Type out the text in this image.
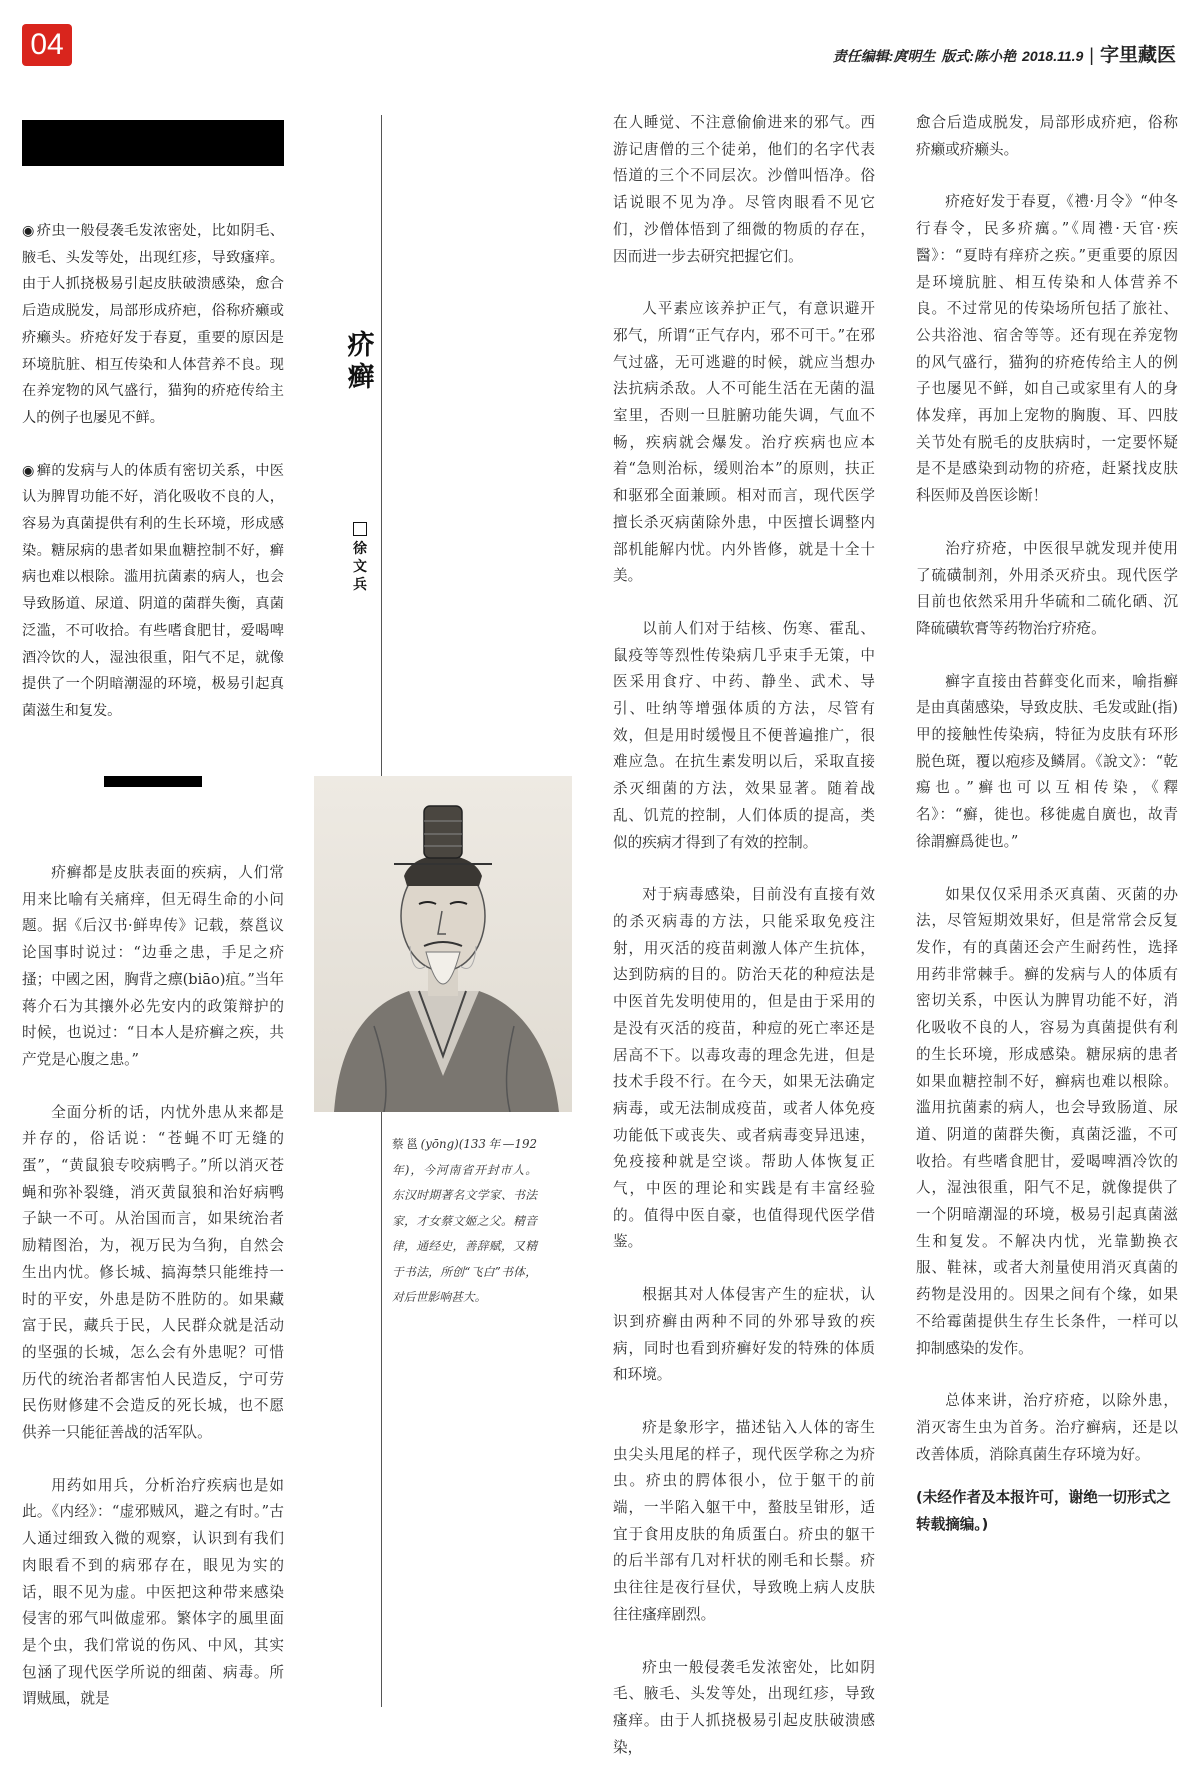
04	责任编辑:庹明生 版式:陈小艳 2018.11.9 | 字里藏医

◉ 疥虫一般侵袭毛发浓密处，比如阴毛、腋毛、头发等处，出现红疹，导致瘙痒。由于人抓挠极易引起皮肤破溃感染，愈合后造成脱发，局部形成疥疤，俗称疥癞或疥癞头。疥疮好发于春夏，重要的原因是环境肮脏、相互传染和人体营养不良。现在养宠物的风气盛行，猫狗的疥疮传给主人的例子也屡见不鲜。

◉ 癣的发病与人的体质有密切关系，中医认为脾胃功能不好，消化吸收不良的人，容易为真菌提供有利的生长环境，形成感染。糖尿病的患者如果血糖控制不好，癣病也难以根除。滥用抗菌素的病人，也会导致肠道、尿道、阴道的菌群失衡，真菌泛滥，不可收拾。有些嗜食肥甘，爱喝啤酒冷饮的人，湿浊很重，阳气不足，就像提供了一个阴暗潮湿的环境，极易引起真菌滋生和复发。

疥癣都是皮肤表面的疾病，人们常用来比喻有关痛痒，但无碍生命的小问题。据《后汉书·鲜卑传》记载，蔡邕议论国事时说过：“边垂之患，手足之疥搔；中國之困，胸背之瘭(biāo)疽。”当年蒋介石为其攘外必先安内的政策辩护的时候，也说过：“日本人是疥癣之疾，共产党是心腹之患。”

全面分析的话，内忧外患从来都是并存的，俗话说：“苍蝇不叮无缝的蛋”，“黄鼠狼专咬病鸭子。”所以消灭苍蝇和弥补裂缝，消灭黄鼠狼和治好病鸭子缺一不可。从治国而言，如果统治者励精图治，为，视万民为刍狗，自然会生出内忧。修长城、搞海禁只能维持一时的平安，外患是防不胜防的。如果藏富于民，藏兵于民，人民群众就是活动的坚强的长城，怎么会有外患呢？可惜历代的统治者都害怕人民造反，宁可劳民伤财修建不会造反的死长城，也不愿供养一只能征善战的活军队。

用药如用兵，分析治疗疾病也是如此。《内经》：“虚邪贼风，避之有时。”古人通过细致入微的观察，认识到有我们肉眼看不到的病邪存在，眼见为实的话，眼不见为虚。中医把这种带来感染侵害的邪气叫做虚邪。繁体字的風里面是个虫，我们常说的伤风、中风，其实包涵了现代医学所说的细菌、病毒。所谓贼風，就是

疥癣
徐文兵
蔡邕(yōng)(133年—192年)，今河南省开封市人。东汉时期著名文学家、书法家，才女蔡文姬之父。精音律，通经史，善辞赋，又精于书法，所创“飞白”书体，对后世影响甚大。

在人睡觉、不注意偷偷进来的邪气。西游记唐僧的三个徒弟，他们的名字代表悟道的三个不同层次。沙僧叫悟净。俗话说眼不见为净。尽管肉眼看不见它们，沙僧体悟到了细微的物质的存在，因而进一步去研究把握它们。

人平素应该养护正气，有意识避开邪气，所谓“正气存内，邪不可干。”在邪气过盛，无可逃避的时候，就应当想办法抗病杀敌。人不可能生活在无菌的温室里，否则一旦脏腑功能失调，气血不畅，疾病就会爆发。治疗疾病也应本着“急则治标，缓则治本”的原则，扶正和驱邪全面兼顾。相对而言，现代医学擅长杀灭病菌除外患，中医擅长调整内部机能解内忧。内外皆修，就是十全十美。

以前人们对于结核、伤寒、霍乱、鼠疫等等烈性传染病几乎束手无策，中医采用食疗、中药、静坐、武术、导引、吐纳等增强体质的方法，尽管有效，但是用时缓慢且不便普遍推广，很难应急。在抗生素发明以后，采取直接杀灭细菌的方法，效果显著。随着战乱、饥荒的控制，人们体质的提高，类似的疾病才得到了有效的控制。

对于病毒感染，目前没有直接有效的杀灭病毒的方法，只能采取免疫注射，用灭活的疫苗刺激人体产生抗体，达到防病的目的。防治天花的种痘法是中医首先发明使用的，但是由于采用的是没有灭活的疫苗，种痘的死亡率还是居高不下。以毒攻毒的理念先进，但是技术手段不行。在今天，如果无法确定病毒，或无法制成疫苗，或者人体免疫功能低下或丧失、或者病毒变异迅速，免疫接种就是空谈。帮助人体恢复正气，中医的理论和实践是有丰富经验的。值得中医自豪，也值得现代医学借鉴。

根据其对人体侵害产生的症状，认识到疥癣由两种不同的外邪导致的疾病，同时也看到疥癣好发的特殊的体质和环境。

疥是象形字，描述钻入人体的寄生虫尖头甩尾的样子，现代医学称之为疥虫。疥虫的腭体很小，位于躯干的前端，一半陷入躯干中，螯肢呈钳形，适宜于食用皮肤的角质蛋白。疥虫的躯干的后半部有几对杆状的刚毛和长鬃。疥虫往往是夜行昼伏，导致晚上病人皮肤往往瘙痒剧烈。

疥虫一般侵袭毛发浓密处，比如阴毛、腋毛、头发等处，出现红疹，导致瘙痒。由于人抓挠极易引起皮肤破溃感染，

愈合后造成脱发，局部形成疥疤，俗称疥癞或疥癞头。

疥疮好发于春夏，《禮·月令》“仲冬行春令，民多疥癘。”《周禮·天官·疾醫》：“夏時有痒疥之疾。”更重要的原因是环境肮脏、相互传染和人体营养不良。不过常见的传染场所包括了旅社、公共浴池、宿舍等等。还有现在养宠物的风气盛行，猫狗的疥疮传给主人的例子也屡见不鲜，如自己或家里有人的身体发痒，再加上宠物的胸腹、耳、四肢关节处有脱毛的皮肤病时，一定要怀疑是不是感染到动物的疥疮，赶紧找皮肤科医师及兽医诊断！

治疗疥疮，中医很早就发现并使用了硫磺制剂，外用杀灭疥虫。现代医学目前也依然采用升华硫和二硫化硒、沉降硫磺软膏等药物治疗疥疮。

癣字直接由苔藓变化而来，喻指癣是由真菌感染，导致皮肤、毛发或趾(指)甲的接触性传染病，特征为皮肤有环形脱色斑，覆以疱疹及鳞屑。《說文》：“乾瘍也。”癣也可以互相传染，《釋名》：“癬，徙也。移徙處自廣也，故青徐謂癬爲徙也。”

如果仅仅采用杀灭真菌、灭菌的办法，尽管短期效果好，但是常常会反复发作，有的真菌还会产生耐药性，选择用药非常棘手。癣的发病与人的体质有密切关系，中医认为脾胃功能不好，消化吸收不良的人，容易为真菌提供有利的生长环境，形成感染。糖尿病的患者如果血糖控制不好，癣病也难以根除。滥用抗菌素的病人，也会导致肠道、尿道、阴道的菌群失衡，真菌泛滥，不可收拾。有些嗜食肥甘，爱喝啤酒冷饮的人，湿浊很重，阳气不足，就像提供了一个阴暗潮湿的环境，极易引起真菌滋生和复发。不解决内忧，光靠勤换衣服、鞋袜，或者大剂量使用消灭真菌的药物是没用的。因果之间有个缘，如果不给霉菌提供生存生长条件，一样可以抑制感染的发作。

总体来讲，治疗疥疮，以除外患，消灭寄生虫为首务。治疗癣病，还是以改善体质，消除真菌生存环境为好。

(未经作者及本报许可，谢绝一切形式之转载摘编。)
